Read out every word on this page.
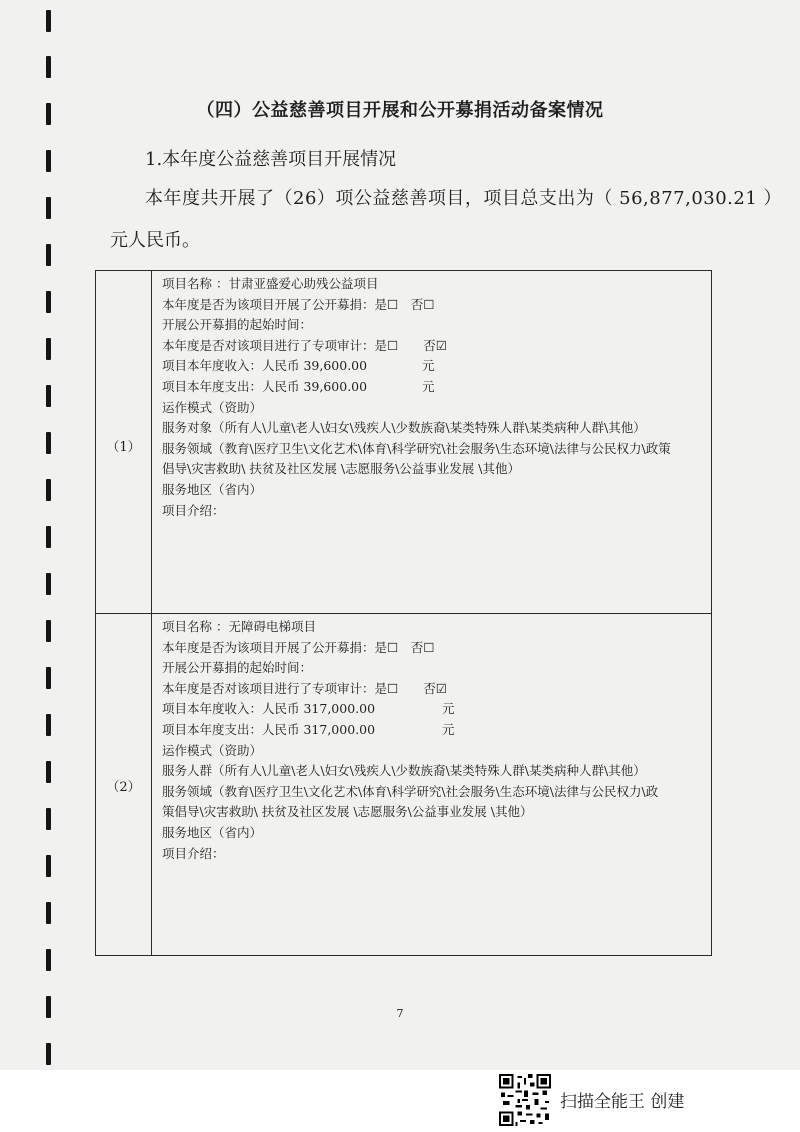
（四）公益慈善项目开展和公开募捐活动备案情况
1.本年度公益慈善项目开展情况
本年度共开展了（26）项公益慈善项目，项目总支出为（ 56,877,030.21 ）
元人民币。
（1）
项目名称 ：甘肃亚盛爱心助残公益项目
本年度是否为该项目开展了公开募捐：是☐　否☐
开展公开募捐的起始时间：
本年度是否对该项目进行了专项审计：是☐　　否☑
项目本年度收入：人民币 39,600.00	元
项目本年度支出：人民币 39,600.00	元
运作模式（资助）
服务对象（所有人\儿童\老人\妇女\残疾人\少数族裔\某类特殊人群\某类病种人群\其他）
服务领域（教育\医疗卫生\文化艺术\体育\科学研究\社会服务\生态环境\法律与公民权力\政策
倡导\灾害救助\ 扶贫及社区发展 \志愿服务\公益事业发展 \其他）
服务地区（省内）
项目介绍：
（2）
项目名称 ：无障碍电梯项目
本年度是否为该项目开展了公开募捐：是☐　否☐
开展公开募捐的起始时间：
本年度是否对该项目进行了专项审计：是☐　　否☑
项目本年度收入：人民币 317,000.00	元
项目本年度支出：人民币 317,000.00	元
运作模式（资助）
服务人群（所有人\儿童\老人\妇女\残疾人\少数族裔\某类特殊人群\某类病种人群\其他）
服务领域（教育\医疗卫生\文化艺术\体育\科学研究\社会服务\生态环境\法律与公民权力\政
策倡导\灾害救助\ 扶贫及社区发展 \志愿服务\公益事业发展 \其他）
服务地区（省内）
项目介绍：
7
扫描全能王 创建
